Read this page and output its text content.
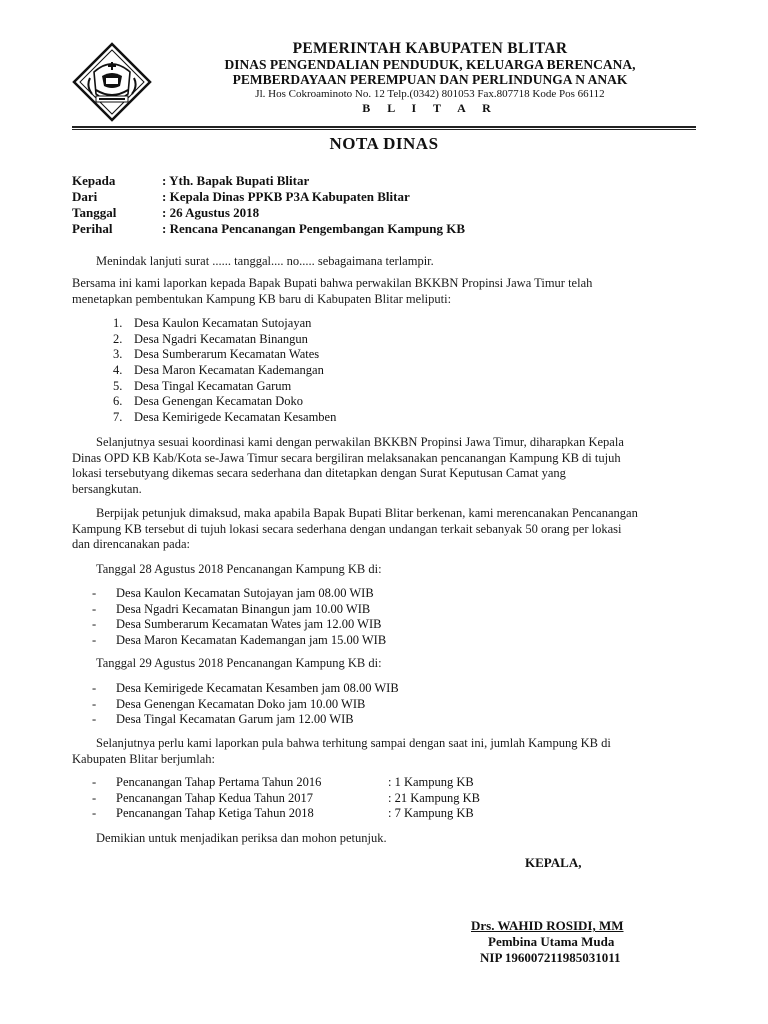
PEMERINTAH KABUPATEN BLITAR
DINAS PENGENDALIAN PENDUDUK, KELUARGA BERENCANA,
PEMBERDAYAAN PEREMPUAN DAN PERLINDUNGA N ANAK
Jl. Hos Cokroaminoto No. 12 Telp.(0342) 801053 Fax.807718 Kode Pos 66112
B L I T A R
NOTA DINAS
Kepada	: Yth. Bapak Bupati Blitar
Dari	: Kepala Dinas PPKB P3A Kabupaten Blitar
Tanggal	: 26 Agustus 2018
Perihal	: Rencana Pencanangan Pengembangan Kampung KB
Menindak lanjuti surat ...... tanggal.... no..... sebagaimana terlampir.
Bersama ini kami laporkan kepada Bapak Bupati bahwa perwakilan BKKBN Propinsi Jawa Timur telah
menetapkan pembentukan Kampung KB baru di Kabupaten Blitar meliputi:
1. Desa Kaulon Kecamatan Sutojayan
2. Desa Ngadri Kecamatan Binangun
3. Desa Sumberarum Kecamatan Wates
4. Desa Maron Kecamatan Kademangan
5. Desa Tingal Kecamatan Garum
6. Desa Genengan Kecamatan Doko
7. Desa Kemirigede Kecamatan Kesamben
Selanjutnya sesuai koordinasi kami dengan perwakilan BKKBN Propinsi Jawa Timur, diharapkan Kepala
Dinas OPD KB Kab/Kota se-Jawa Timur secara bergiliran melaksanakan pencanangan Kampung KB di tujuh
lokasi tersebutyang dikemas secara sederhana dan ditetapkan dengan Surat Keputusan Camat yang
bersangkutan.
Berpijak petunjuk dimaksud, maka apabila Bapak Bupati Blitar berkenan, kami merencanakan Pencanangan
Kampung KB tersebut di tujuh lokasi secara sederhana dengan undangan terkait sebanyak 50 orang per lokasi
dan direncanakan pada:
Tanggal 28 Agustus 2018 Pencanangan Kampung KB di:
- Desa Kaulon Kecamatan Sutojayan jam 08.00 WIB
- Desa Ngadri Kecamatan Binangun jam 10.00 WIB
- Desa Sumberarum Kecamatan Wates jam 12.00 WIB
- Desa Maron Kecamatan Kademangan jam 15.00 WIB
Tanggal 29 Agustus 2018 Pencanangan Kampung KB di:
- Desa Kemirigede Kecamatan Kesamben jam 08.00 WIB
- Desa Genengan Kecamatan Doko jam 10.00 WIB
- Desa Tingal Kecamatan Garum jam 12.00 WIB
Selanjutnya perlu kami laporkan pula bahwa terhitung sampai dengan saat ini, jumlah Kampung KB di
Kabupaten Blitar berjumlah:
- Pencanangan Tahap Pertama Tahun 2016	: 1 Kampung KB
- Pencanangan Tahap Kedua Tahun 2017	: 21 Kampung KB
- Pencanangan Tahap Ketiga Tahun 2018	: 7 Kampung KB
Demikian untuk menjadikan periksa dan mohon petunjuk.
KEPALA,
Drs. WAHID ROSIDI, MM
Pembina Utama Muda
NIP 196007211985031011
